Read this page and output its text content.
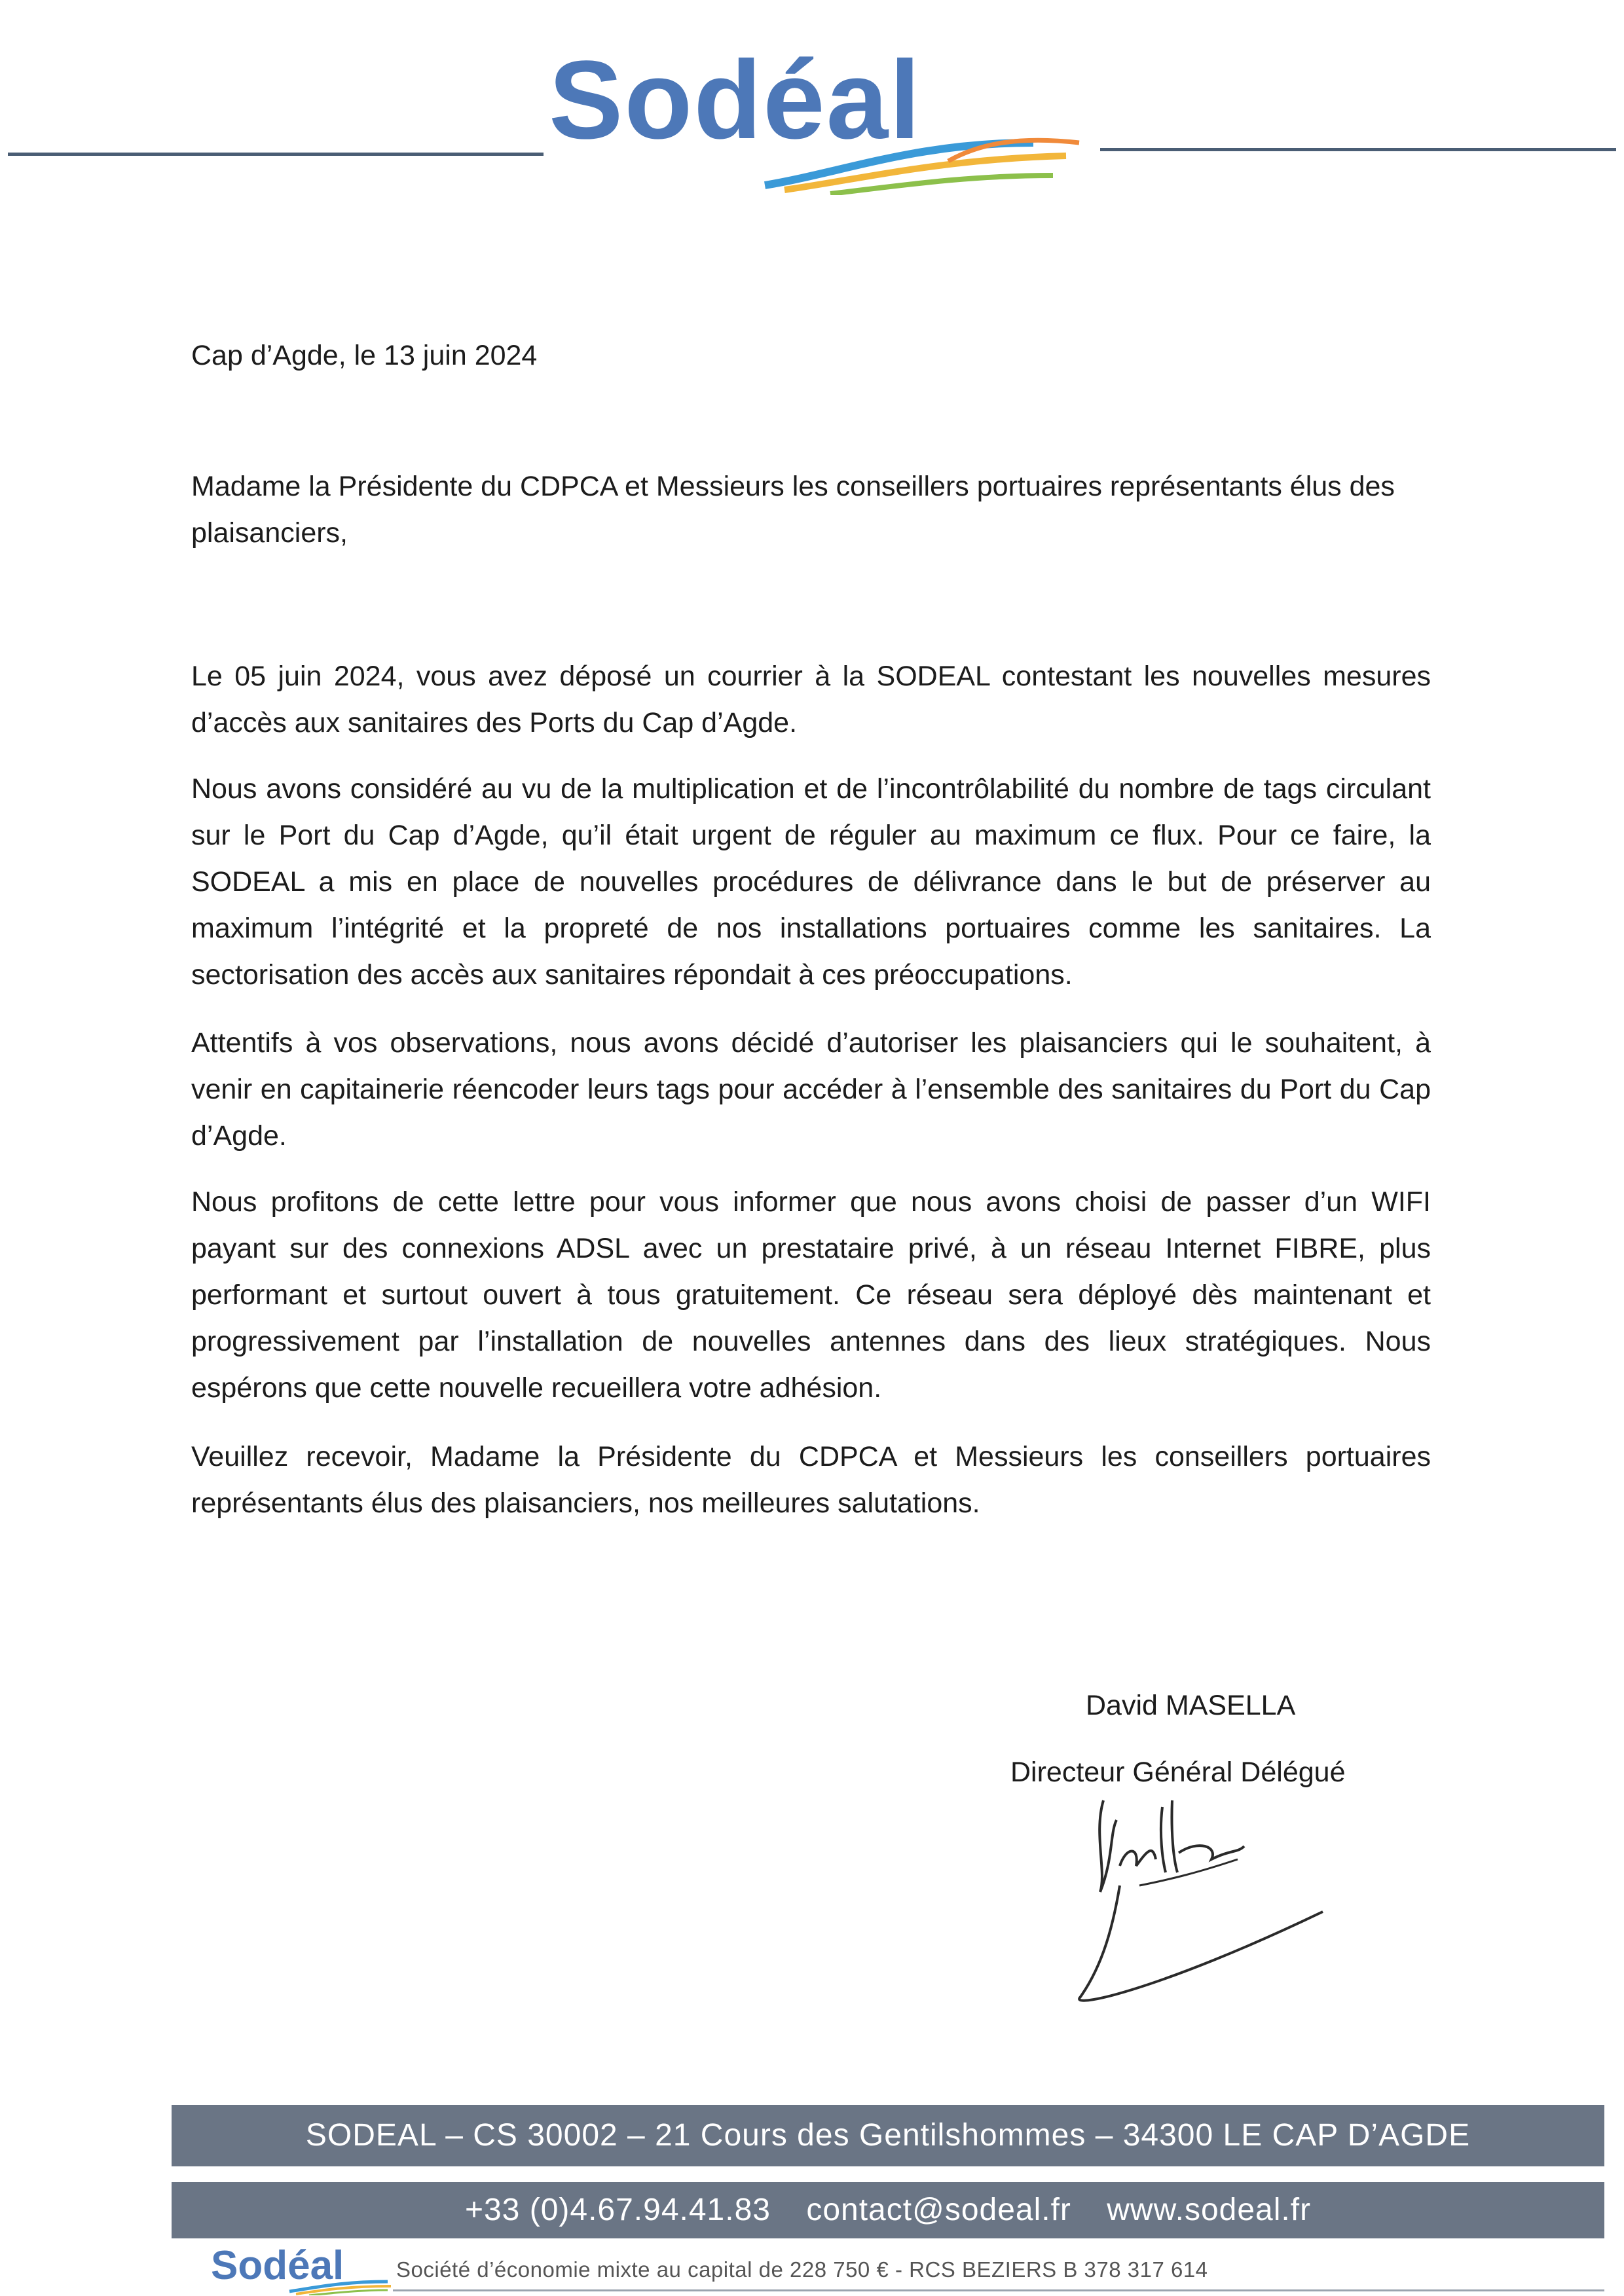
Sodéal
Cap d’Agde, le 13 juin 2024
Madame la Présidente du CDPCA et Messieurs les conseillers portuaires représentants élus des plaisanciers,
Le 05 juin 2024, vous avez déposé un courrier à la SODEAL contestant les nouvelles mesures d’accès aux sanitaires des Ports du Cap d’Agde.
Nous avons considéré au vu de la multiplication et de l’incontrôlabilité du nombre de tags circulant sur le Port du Cap d’Agde, qu’il était urgent de réguler au maximum ce flux. Pour ce faire, la SODEAL a mis en place de nouvelles procédures de délivrance dans le but de préserver au maximum l’intégrité et la propreté de nos installations portuaires comme les sanitaires. La sectorisation des accès aux sanitaires répondait à ces préoccupations.
Attentifs à vos observations, nous avons décidé d’autoriser les plaisanciers qui le souhaitent, à venir en capitainerie réencoder leurs tags pour accéder à l’ensemble des sanitaires du Port du Cap d’Agde.
Nous profitons de cette lettre pour vous informer que nous avons choisi de passer d’un WIFI payant sur des connexions ADSL avec un prestataire privé, à un réseau Internet FIBRE, plus performant et surtout ouvert à tous gratuitement. Ce réseau sera déployé dès maintenant et progressivement par l’installation de nouvelles antennes dans des lieux stratégiques. Nous espérons que cette nouvelle recueillera votre adhésion.
Veuillez recevoir, Madame la Présidente du CDPCA et Messieurs les conseillers portuaires représentants élus des plaisanciers, nos meilleures salutations.
David MASELLA
Directeur Général Délégué
SODEAL – CS 30002 – 21 Cours des Gentilshommes – 34300 LE CAP D’AGDE
+33 (0)4.67.94.41.83 contact@sodeal.fr www.sodeal.fr
Sodéal Société d’économie mixte au capital de 228 750 € - RCS BEZIERS B 378 317 614
